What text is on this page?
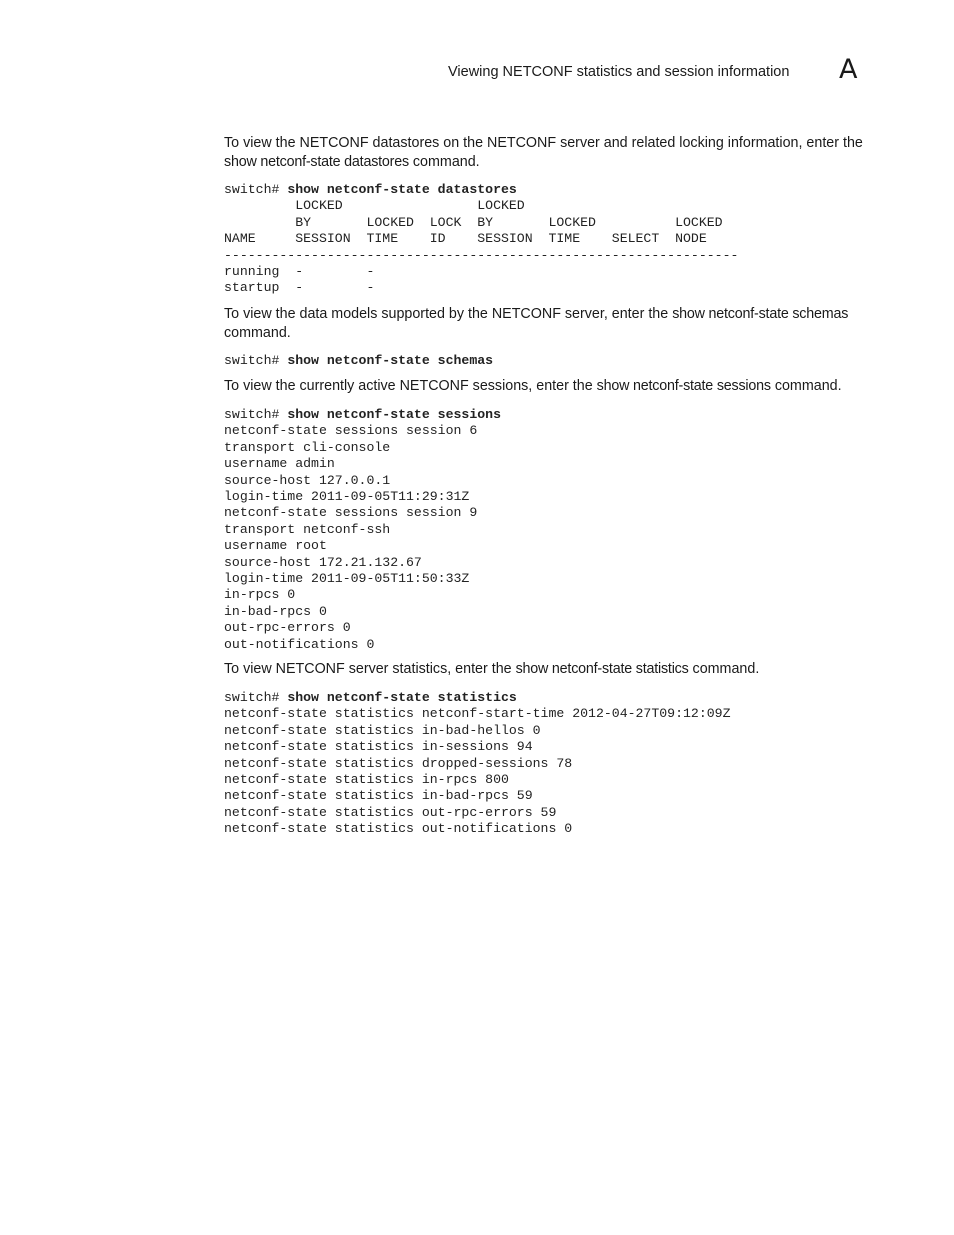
Viewing NETCONF statistics and session information A

To view the NETCONF datastores on the NETCONF server and related locking information, enter the show netconf-state datastores command.

switch# show netconf-state datastores
LOCKED                 LOCKED
BY       LOCKED  LOCK  BY       LOCKED          LOCKED
NAME     SESSION  TIME    ID    SESSION  TIME    SELECT  NODE
-----------------------------------------------------------------
running  -        -
startup  -        -

To view the data models supported by the NETCONF server, enter the show netconf-state schemas command.

switch# show netconf-state schemas

To view the currently active NETCONF sessions, enter the show netconf-state sessions command.

switch# show netconf-state sessions
netconf-state sessions session 6
transport cli-console
username admin
source-host 127.0.0.1
login-time 2011-09-05T11:29:31Z
netconf-state sessions session 9
transport netconf-ssh
username root
source-host 172.21.132.67
login-time 2011-09-05T11:50:33Z
in-rpcs 0
in-bad-rpcs 0
out-rpc-errors 0
out-notifications 0

To view NETCONF server statistics, enter the show netconf-state statistics command.

switch# show netconf-state statistics
netconf-state statistics netconf-start-time 2012-04-27T09:12:09Z
netconf-state statistics in-bad-hellos 0
netconf-state statistics in-sessions 94
netconf-state statistics dropped-sessions 78
netconf-state statistics in-rpcs 800
netconf-state statistics in-bad-rpcs 59
netconf-state statistics out-rpc-errors 59
netconf-state statistics out-notifications 0
